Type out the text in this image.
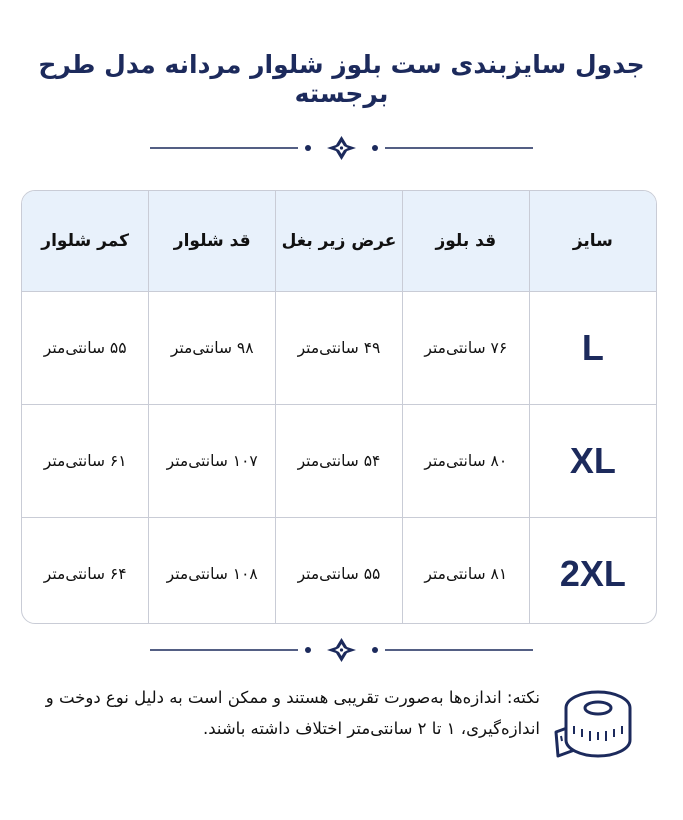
جدول سایزبندی ست بلوز شلوار مردانه مدل طرح برجسته
سایز	قد بلوز	عرض زیر بغل	قد شلوار	کمر شلوار
L	۷۶ سانتی‌متر	۴۹ سانتی‌متر	۹۸ سانتی‌متر	۵۵ سانتی‌متر
XL	۸۰ سانتی‌متر	۵۴ سانتی‌متر	۱۰۷ سانتی‌متر	۶۱ سانتی‌متر
2XL	۸۱ سانتی‌متر	۵۵ سانتی‌متر	۱۰۸ سانتی‌متر	۶۴ سانتی‌متر
نکته: اندازه‌ها به‌صورت تقریبی هستند و ممکن است به دلیل نوع دوخت و اندازه‌گیری، ۱ تا ۲ سانتی‌متر اختلاف داشته باشند.
